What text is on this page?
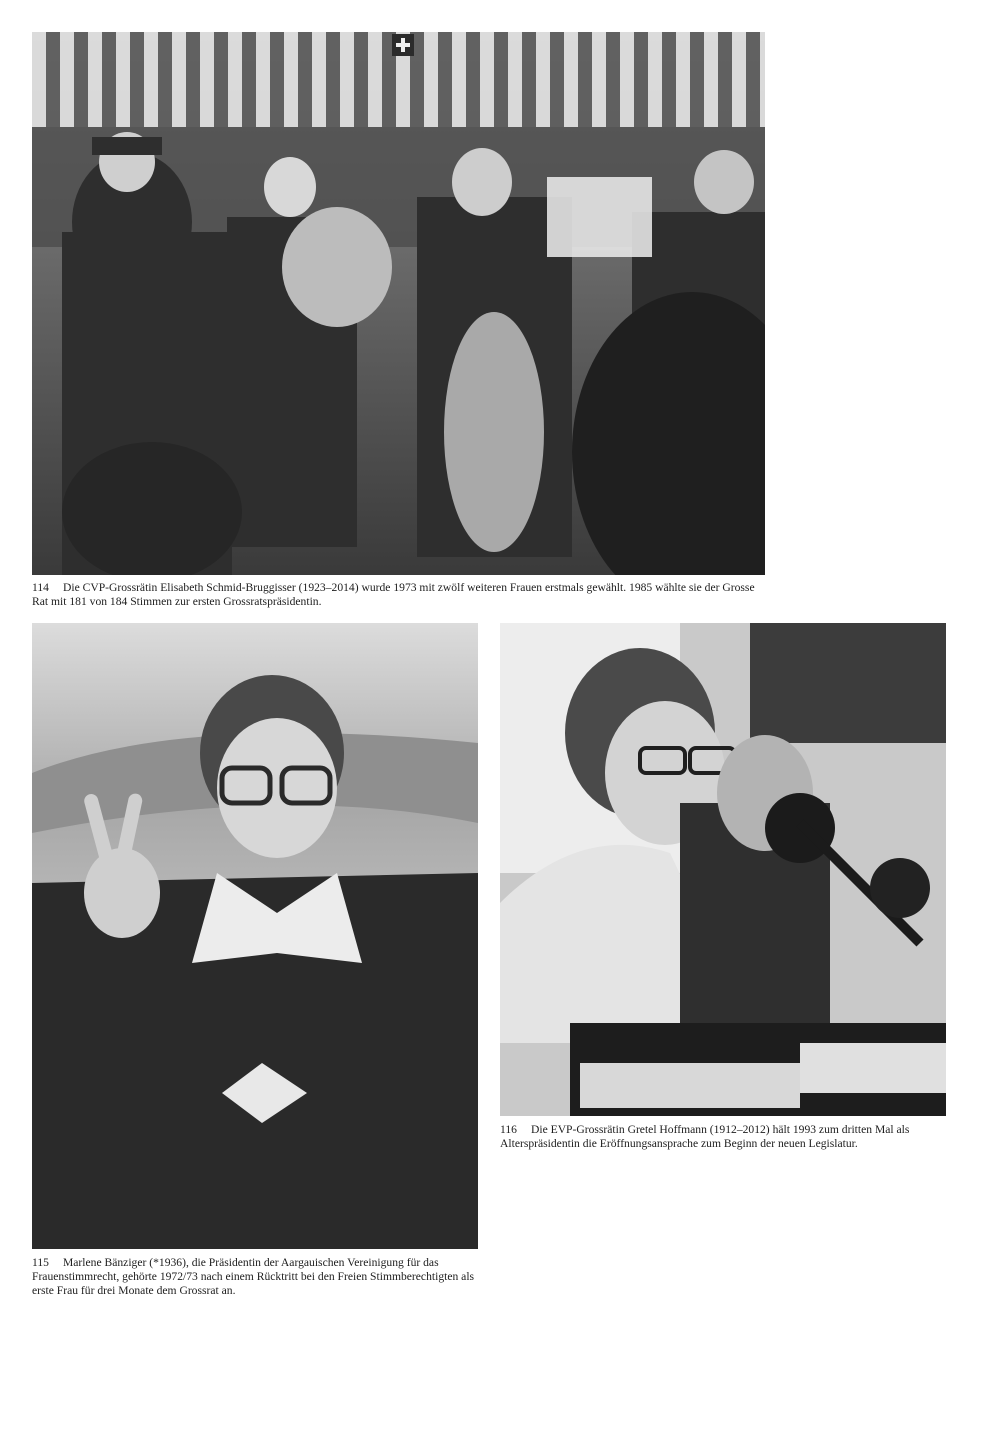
114 Die CVP-Grossrätin Elisabeth Schmid-Bruggisser (1923–2014) wurde 1973 mit zwölf weiteren Frauen erstmals gewählt. 1985 wählte sie der Grosse Rat mit 181 von 184 Stimmen zur ersten Grossratspräsidentin.

115 Marlene Bänziger (*1936), die Präsidentin der Aargauischen Vereinigung für das Frauenstimmrecht, gehörte 1972/73 nach einem Rücktritt bei den Freien Stimmberechtigten als erste Frau für drei Monate dem Grossrat an.

116 Die EVP-Grossrätin Gretel Hoffmann (1912–2012) hält 1993 zum dritten Mal als Alterspräsidentin die Eröffnungsansprache zum Beginn der neuen Legislatur.
